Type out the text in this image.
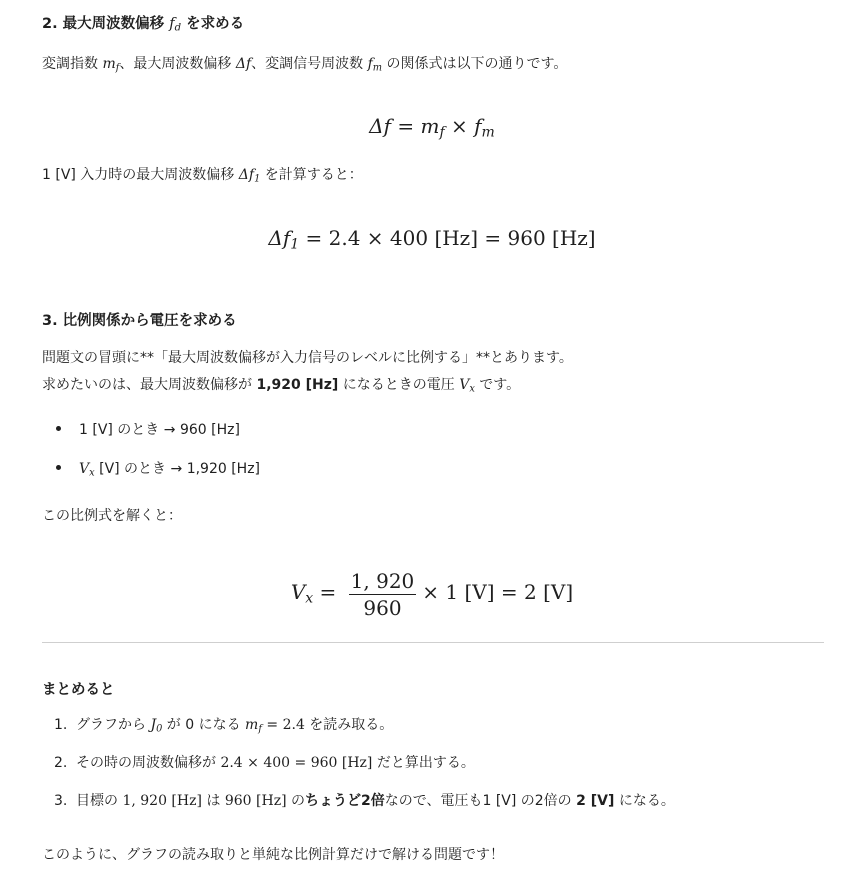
2. 最大周波数偏移 $f_d$ を求める
変調指数 $m_f$、最大周波数偏移 Δf、変調信号周波数 $f_m$ の関係式は以下の通りです。
$\Delta f = m_f \times f_m$
1 [V] 入力時の最大周波数偏移 $\Delta f_1$ を計算すると：
$\Delta f_1 = 2.4 \times 400$ [Hz] = 960 [Hz]
3. 比例関係から電圧を求める
問題文の冒頭に**「最大周波数偏移が入力信号のレベルに比例する」**とあります。
求めたいのは、最大周波数偏移が 1,920 [Hz] になるときの電圧 $V_x$ です。
1 [V] のとき → 960 [Hz]
$V_x$ [V] のとき → 1,920 [Hz]
この比例式を解くと：
$V_x = \frac{1, 920}{960} \times 1$ [V] = 2 [V]
まとめると
1. グラフから $J_0$ が 0 になる $m_f = 2.4$ を読み取る。
2. その時の周波数偏移が 2.4 × 400 = 960 [Hz] だと算出する。
3. 目標の 1, 920 [Hz] は 960 [Hz] のちょうど2倍なので、電圧も1 [V] の2倍の 2 [V] になる。
このように、グラフの読み取りと単純な比例計算だけで解ける問題です！
